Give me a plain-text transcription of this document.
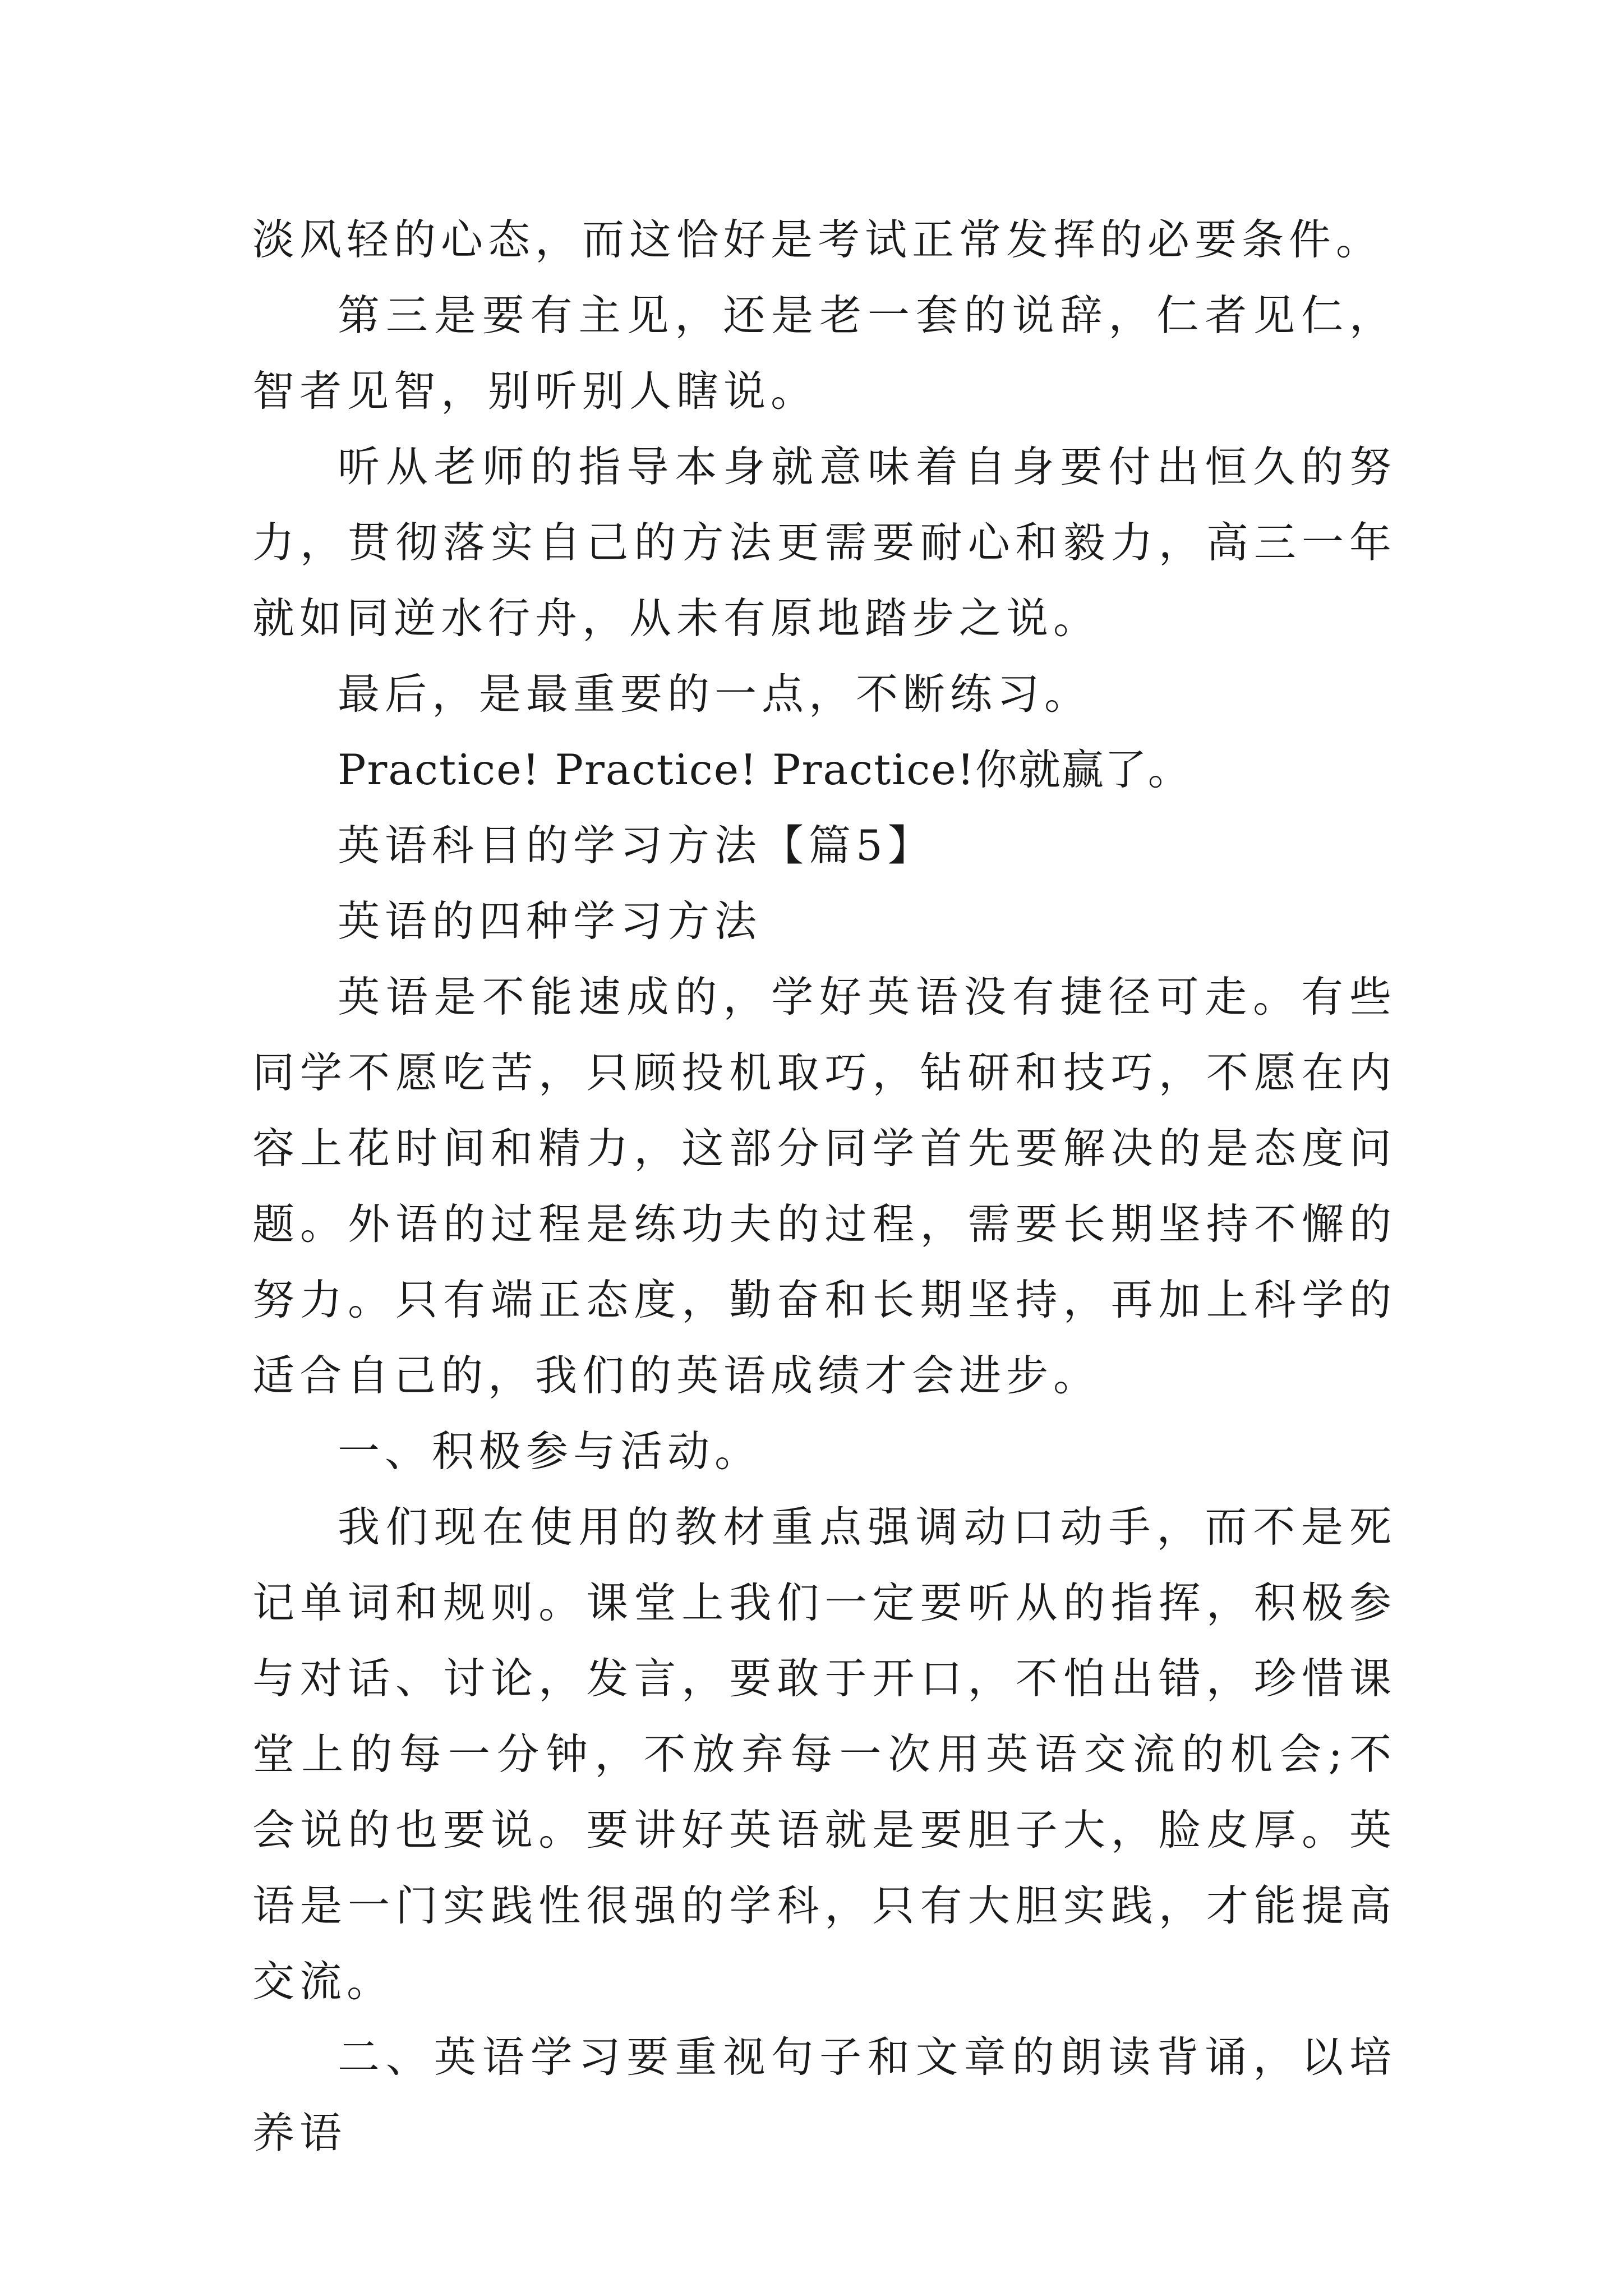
淡风轻的心态，而这恰好是考试正常发挥的必要条件。

第三是要有主见，还是老一套的说辞，仁者见仁，智者见智，别听别人瞎说。

听从老师的指导本身就意味着自身要付出恒久的努力，贯彻落实自己的方法更需要耐心和毅力，高三一年就如同逆水行舟，从未有原地踏步之说。

最后，是最重要的一点，不断练习。

Practice! Practice! Practice!你就赢了。

英语科目的学习方法【篇5】

英语的四种学习方法

英语是不能速成的，学好英语没有捷径可走。有些同学不愿吃苦，只顾投机取巧，钻研和技巧，不愿在内容上花时间和精力，这部分同学首先要解决的是态度问题。外语的过程是练功夫的过程，需要长期坚持不懈的努力。只有端正态度，勤奋和长期坚持，再加上科学的适合自己的，我们的英语成绩才会进步。

一、积极参与活动。

我们现在使用的教材重点强调动口动手，而不是死记单词和规则。课堂上我们一定要听从的指挥，积极参与对话、讨论，发言，要敢于开口，不怕出错，珍惜课堂上的每一分钟，不放弃每一次用英语交流的机会;不会说的也要说。要讲好英语就是要胆子大，脸皮厚。英语是一门实践性很强的学科，只有大胆实践，才能提高交流。

二、英语学习要重视句子和文章的朗读背诵，以培养语
